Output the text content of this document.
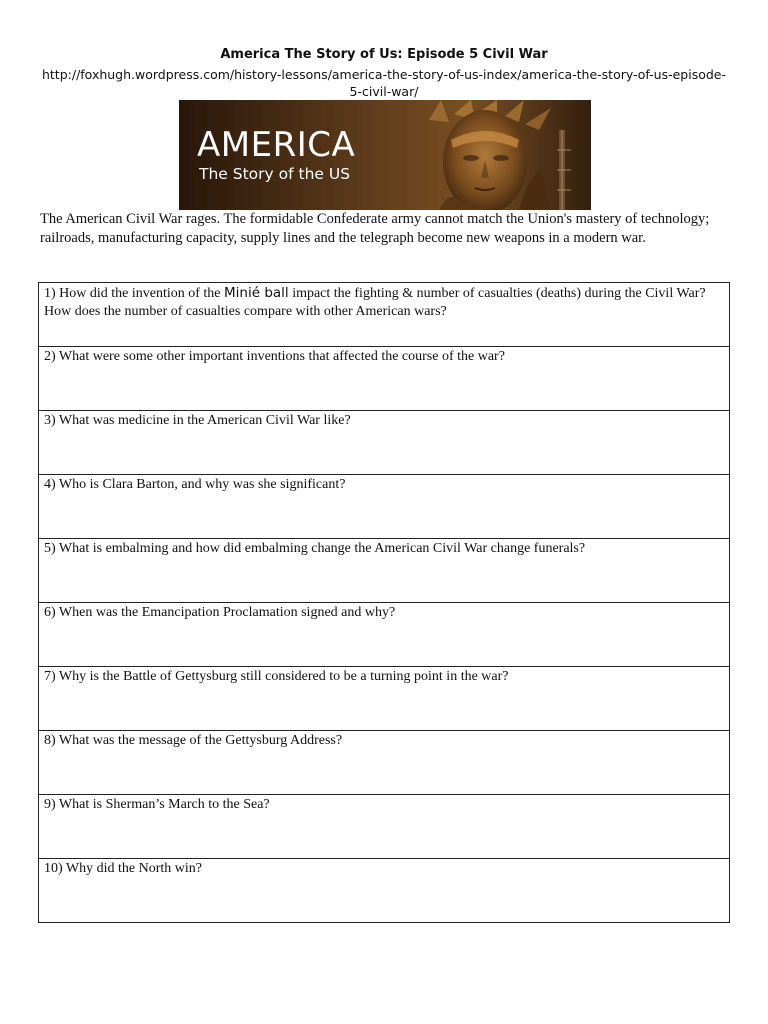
America The Story of Us: Episode 5 Civil War
http://foxhugh.wordpress.com/history-lessons/america-the-story-of-us-index/america-the-story-of-us-episode-5-civil-war/
AMERICA
The Story of the US
The American Civil War rages. The formidable Confederate army cannot match the Union's mastery of technology; railroads, manufacturing capacity, supply lines and the telegraph become new weapons in a modern war.
1) How did the invention of the Minié ball impact the fighting & number of casualties (deaths) during the Civil War? How does the number of casualties compare with other American wars?
2) What were some other important inventions that affected the course of the war?
3) What was medicine in the American Civil War like?
4) Who is Clara Barton, and why was she significant?
5) What is embalming and how did embalming change the American Civil War change funerals?
6) When was the Emancipation Proclamation signed and why?
7) Why is the Battle of Gettysburg still considered to be a turning point in the war?
8) What was the message of the Gettysburg Address?
9) What is Sherman’s March to the Sea?
10) Why did the North win?
